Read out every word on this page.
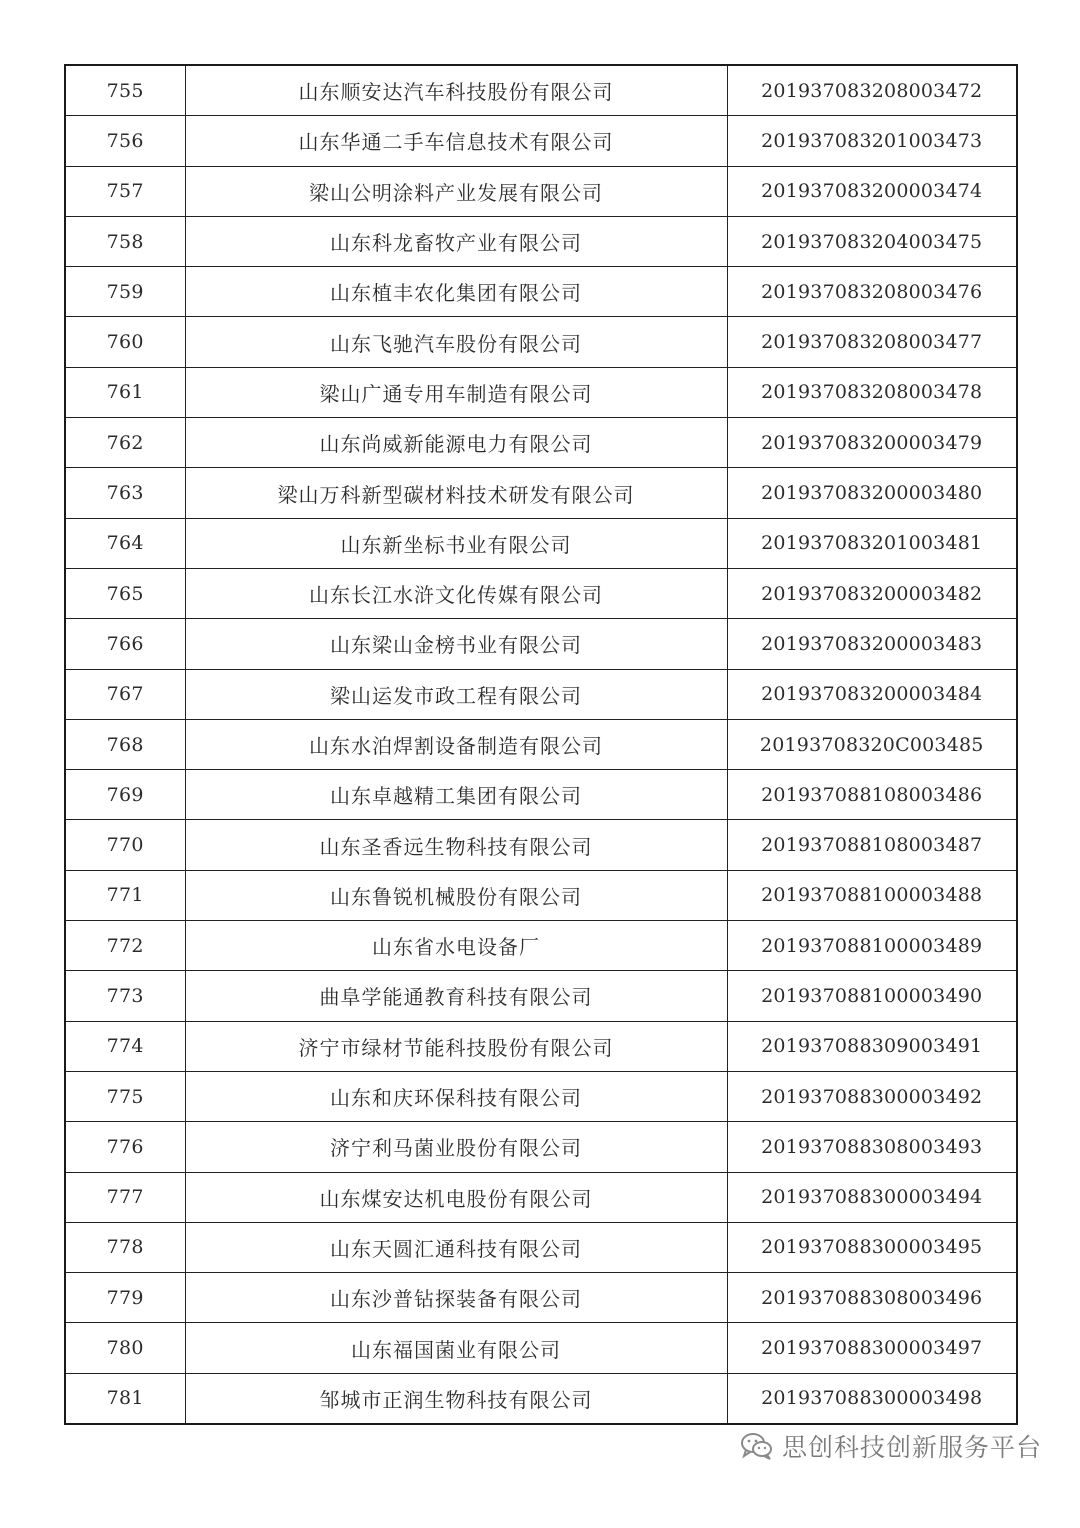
755	山东顺安达汽车科技股份有限公司	201937083208003472
756	山东华通二手车信息技术有限公司	201937083201003473
757	梁山公明涂料产业发展有限公司	201937083200003474
758	山东科龙畜牧产业有限公司	201937083204003475
759	山东植丰农化集团有限公司	201937083208003476
760	山东飞驰汽车股份有限公司	201937083208003477
761	梁山广通专用车制造有限公司	201937083208003478
762	山东尚威新能源电力有限公司	201937083200003479
763	梁山万科新型碳材料技术研发有限公司	201937083200003480
764	山东新坐标书业有限公司	201937083201003481
765	山东长江水浒文化传媒有限公司	201937083200003482
766	山东梁山金榜书业有限公司	201937083200003483
767	梁山运发市政工程有限公司	201937083200003484
768	山东水泊焊割设备制造有限公司	20193708320C003485
769	山东卓越精工集团有限公司	201937088108003486
770	山东圣香远生物科技有限公司	201937088108003487
771	山东鲁锐机械股份有限公司	201937088100003488
772	山东省水电设备厂	201937088100003489
773	曲阜学能通教育科技有限公司	201937088100003490
774	济宁市绿材节能科技股份有限公司	201937088309003491
775	山东和庆环保科技有限公司	201937088300003492
776	济宁利马菌业股份有限公司	201937088308003493
777	山东煤安达机电股份有限公司	201937088300003494
778	山东天圆汇通科技有限公司	201937088300003495
779	山东沙普钻探装备有限公司	201937088308003496
780	山东福国菌业有限公司	201937088300003497
781	邹城市正润生物科技有限公司	201937088300003498
思创科技创新服务平台
